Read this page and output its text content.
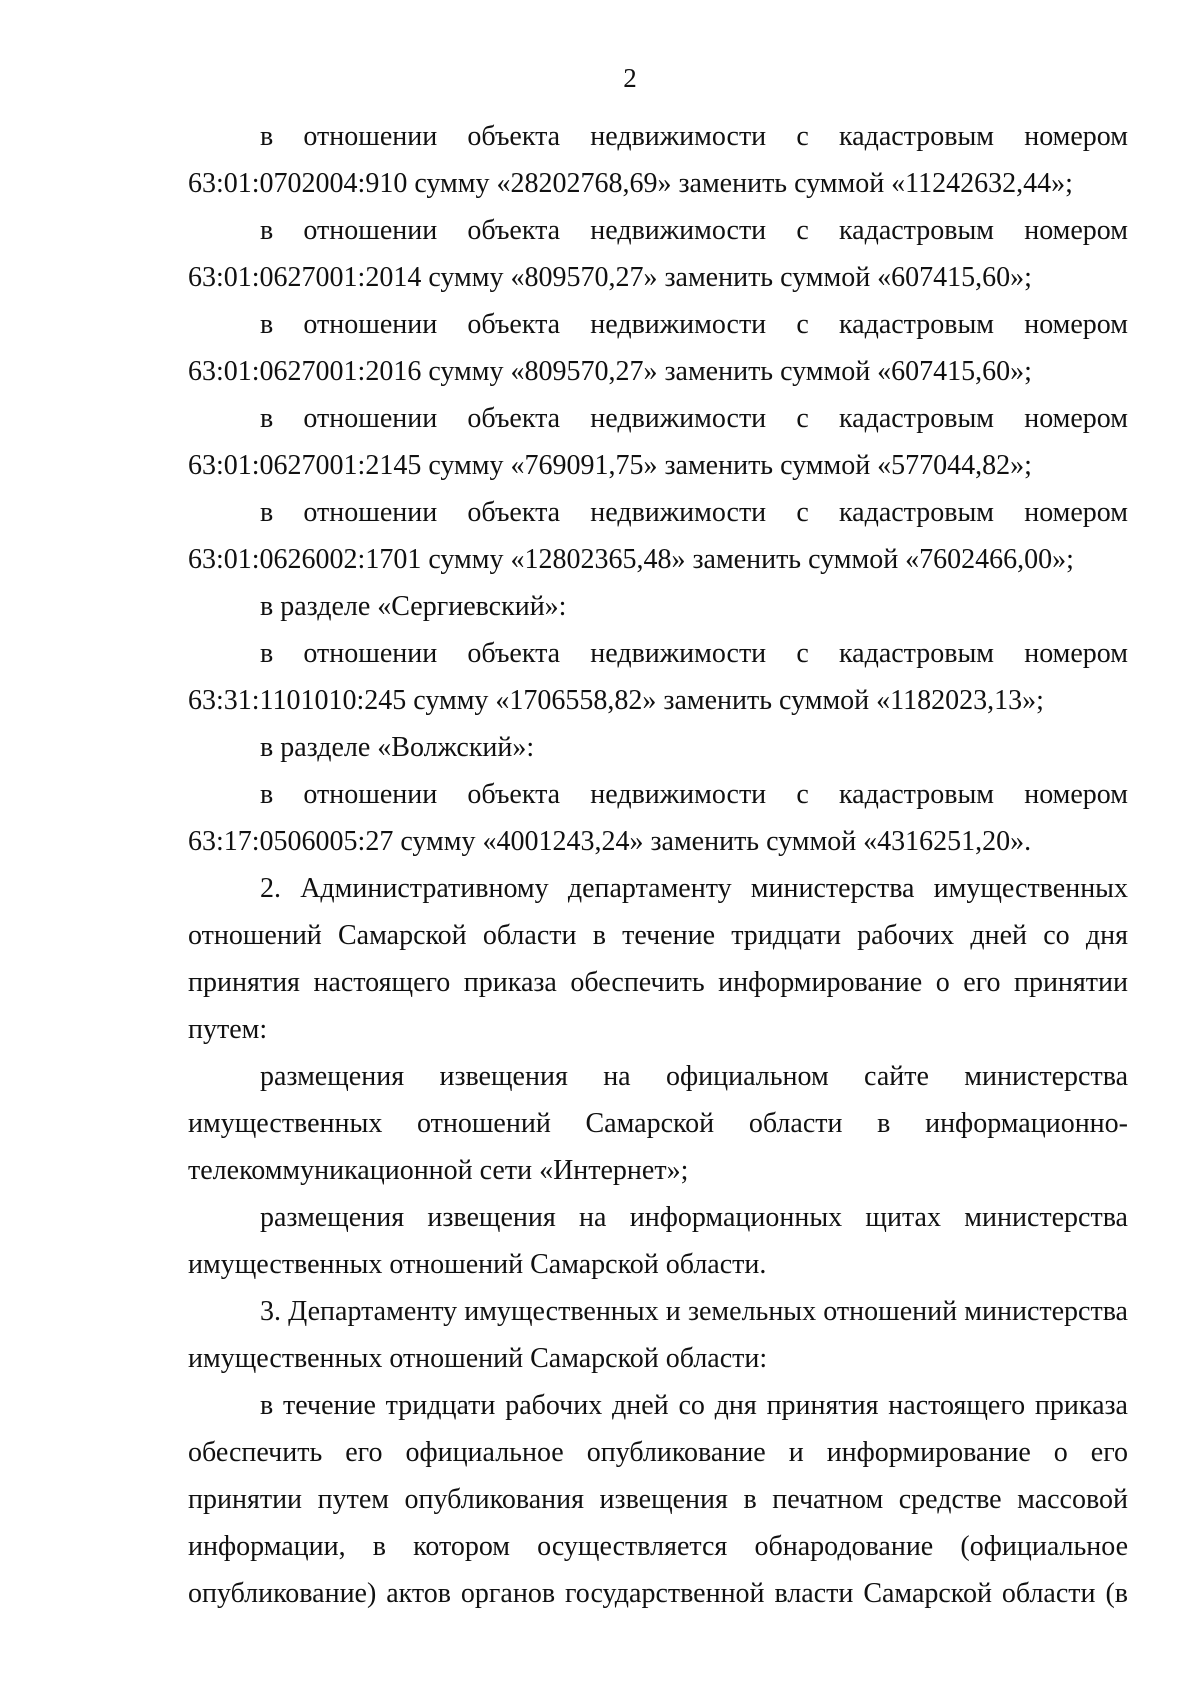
2

в отношении объекта недвижимости с кадастровым номером 63:01:0702004:910 сумму «28202768,69» заменить суммой «11242632,44»;

в отношении объекта недвижимости с кадастровым номером 63:01:0627001:2014 сумму «809570,27» заменить суммой «607415,60»;

в отношении объекта недвижимости с кадастровым номером 63:01:0627001:2016 сумму «809570,27» заменить суммой «607415,60»;

в отношении объекта недвижимости с кадастровым номером 63:01:0627001:2145 сумму «769091,75» заменить суммой «577044,82»;

в отношении объекта недвижимости с кадастровым номером 63:01:0626002:1701 сумму «12802365,48» заменить суммой «7602466,00»;

в разделе «Сергиевский»:

в отношении объекта недвижимости с кадастровым номером 63:31:1101010:245 сумму «1706558,82» заменить суммой «1182023,13»;

в разделе «Волжский»:

в отношении объекта недвижимости с кадастровым номером 63:17:0506005:27 сумму «4001243,24» заменить суммой «4316251,20».

2. Административному департаменту министерства имущественных отношений Самарской области в течение тридцати рабочих дней со дня принятия настоящего приказа обеспечить информирование о его принятии путем:

размещения извещения на официальном сайте министерства имущественных отношений Самарской области в информационно-телекоммуникационной сети «Интернет»;

размещения извещения на информационных щитах министерства имущественных отношений Самарской области.

3. Департаменту имущественных и земельных отношений министерства имущественных отношений Самарской области:

в течение тридцати рабочих дней со дня принятия настоящего приказа обеспечить его официальное опубликование и информирование о его принятии путем опубликования извещения в печатном средстве массовой информации, в котором осуществляется обнародование (официальное опубликование) актов органов государственной власти Самарской области (в
